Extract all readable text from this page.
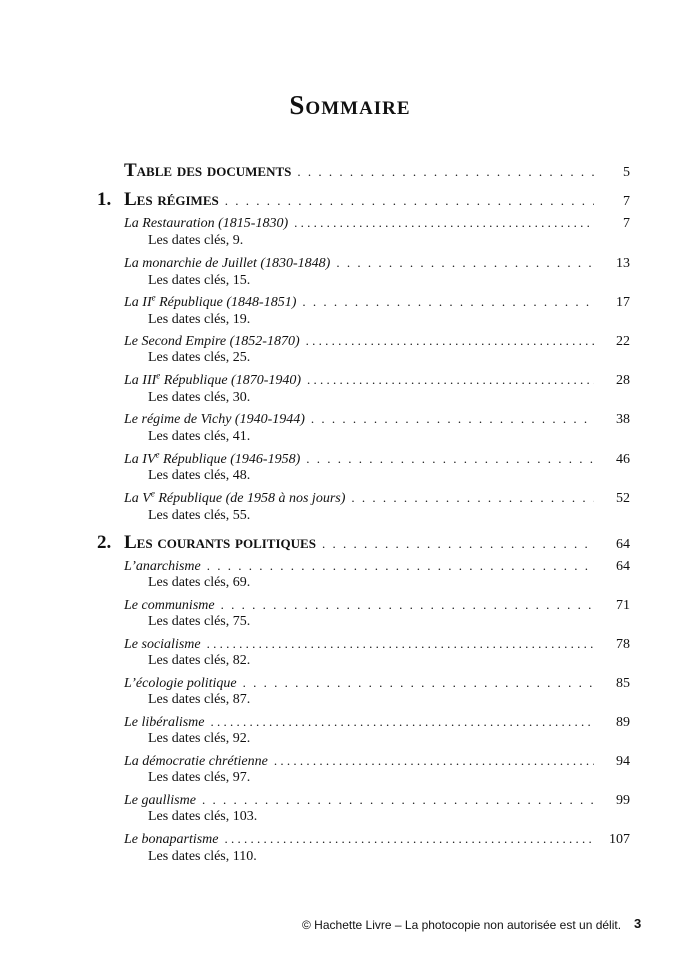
Sommaire
Table des documents . . .	5
1. Les régimes . . .	7
La Restauration (1815-1830) . . .	7
Les dates clés, 9.
La monarchie de Juillet (1830-1848) . . .	13
Les dates clés, 15.
La IIe République (1848-1851) . . .	17
Les dates clés, 19.
Le Second Empire (1852-1870) . . .	22
Les dates clés, 25.
La IIIe République (1870-1940) . . .	28
Les dates clés, 30.
Le régime de Vichy (1940-1944) . . .	38
Les dates clés, 41.
La IVe République (1946-1958) . . .	46
Les dates clés, 48.
La Ve République (de 1958 à nos jours) . . .	52
Les dates clés, 55.
2. Les courants politiques . . .	64
L’anarchisme . . .	64
Les dates clés, 69.
Le communisme . . .	71
Les dates clés, 75.
Le socialisme . . .	78
Les dates clés, 82.
L’écologie politique . . .	85
Les dates clés, 87.
Le libéralisme . . .	89
Les dates clés, 92.
La démocratie chrétienne . . .	94
Les dates clés, 97.
Le gaullisme . . .	99
Les dates clés, 103.
Le bonapartisme . . .	107
Les dates clés, 110.
© Hachette Livre – La photocopie non autorisée est un délit. 3
